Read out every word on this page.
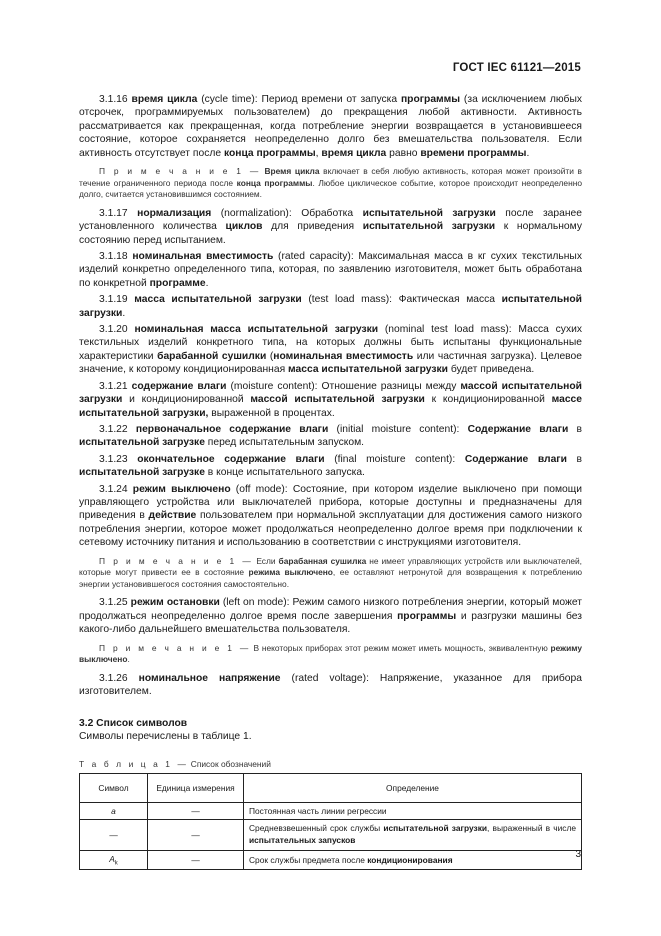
ГОСТ IEC 61121—2015

3.1.16 время цикла (cycle time): Период времени от запуска программы (за исключением любых отсрочек, программируемых пользователем) до прекращения любой активности. Активность рассматривается как прекращенная, когда потребление энергии возвращается в установившееся состояние, которое сохраняется неопределенно долго без вмешательства пользователя. Если активность отсутствует после конца программы, время цикла равно времени программы.

П р и м е ч а н и е 1 — Время цикла включает в себя любую активность, которая может произойти в течение ограниченного периода после конца программы. Любое циклическое событие, которое происходит неопределенно долго, считается установившимся состоянием.

3.1.17 нормализация (normalization): Обработка испытательной загрузки после заранее установленного количества циклов для приведения испытательной загрузки к нормальному состоянию перед испытанием.

3.1.18 номинальная вместимость (rated capacity): Максимальная масса в кг сухих текстильных изделий конкретно определенного типа, которая, по заявлению изготовителя, может быть обработана по конкретной программе.

3.1.19 масса испытательной загрузки (test load mass): Фактическая масса испытательной загрузки.

3.1.20 номинальная масса испытательной загрузки (nominal test load mass): Масса сухих текстильных изделий конкретного типа, на которых должны быть испытаны функциональные характеристики барабанной сушилки (номинальная вместимость или частичная загрузка). Целевое значение, к которому кондиционированная масса испытательной загрузки будет приведена.

3.1.21 содержание влаги (moisture content): Отношение разницы между массой испытательной загрузки и кондиционированной массой испытательной загрузки к кондиционированной массе испытательной загрузки, выраженной в процентах.

3.1.22 первоначальное содержание влаги (initial moisture content): Содержание влаги в испытательной загрузке перед испытательным запуском.

3.1.23 окончательное содержание влаги (final moisture content): Содержание влаги в испытательной загрузке в конце испытательного запуска.

3.1.24 режим выключено (off mode): Состояние, при котором изделие выключено при помощи управляющего устройства или выключателей прибора, которые доступны и предназначены для приведения в действие пользователем при нормальной эксплуатации для достижения самого низкого потребления энергии, которое может продолжаться неопределенно долгое время при подключении к сетевому источнику питания и использованию в соответствии с инструкциями изготовителя.

П р и м е ч а н и е 1 — Если барабанная сушилка не имеет управляющих устройств или выключателей, которые могут привести ее в состояние режима выключено, ее оставляют нетронутой для возвращения к потреблению энергии установившегося состояния самостоятельно.

3.1.25 режим остановки (left on mode): Режим самого низкого потребления энергии, который может продолжаться неопределенно долгое время после завершения программы и разгрузки машины без какого-либо дальнейшего вмешательства пользователя.

П р и м е ч а н и е 1 — В некоторых приборах этот режим может иметь мощность, эквивалентную режиму выключено.

3.1.26 номинальное напряжение (rated voltage): Напряжение, указанное для прибора изготовителем.

3.2 Список символов

Символы перечислены в таблице 1.

Т а б л и ц а 1 — Список обозначений

Символ	Единица измерения	Определение
a	—	Постоянная часть линии регрессии
—	—	Средневзвешенный срок службы испытательной загрузки, выраженный в числе испытательных запусков
$A_k$	—	Срок службы предмета после кондиционирования	3
